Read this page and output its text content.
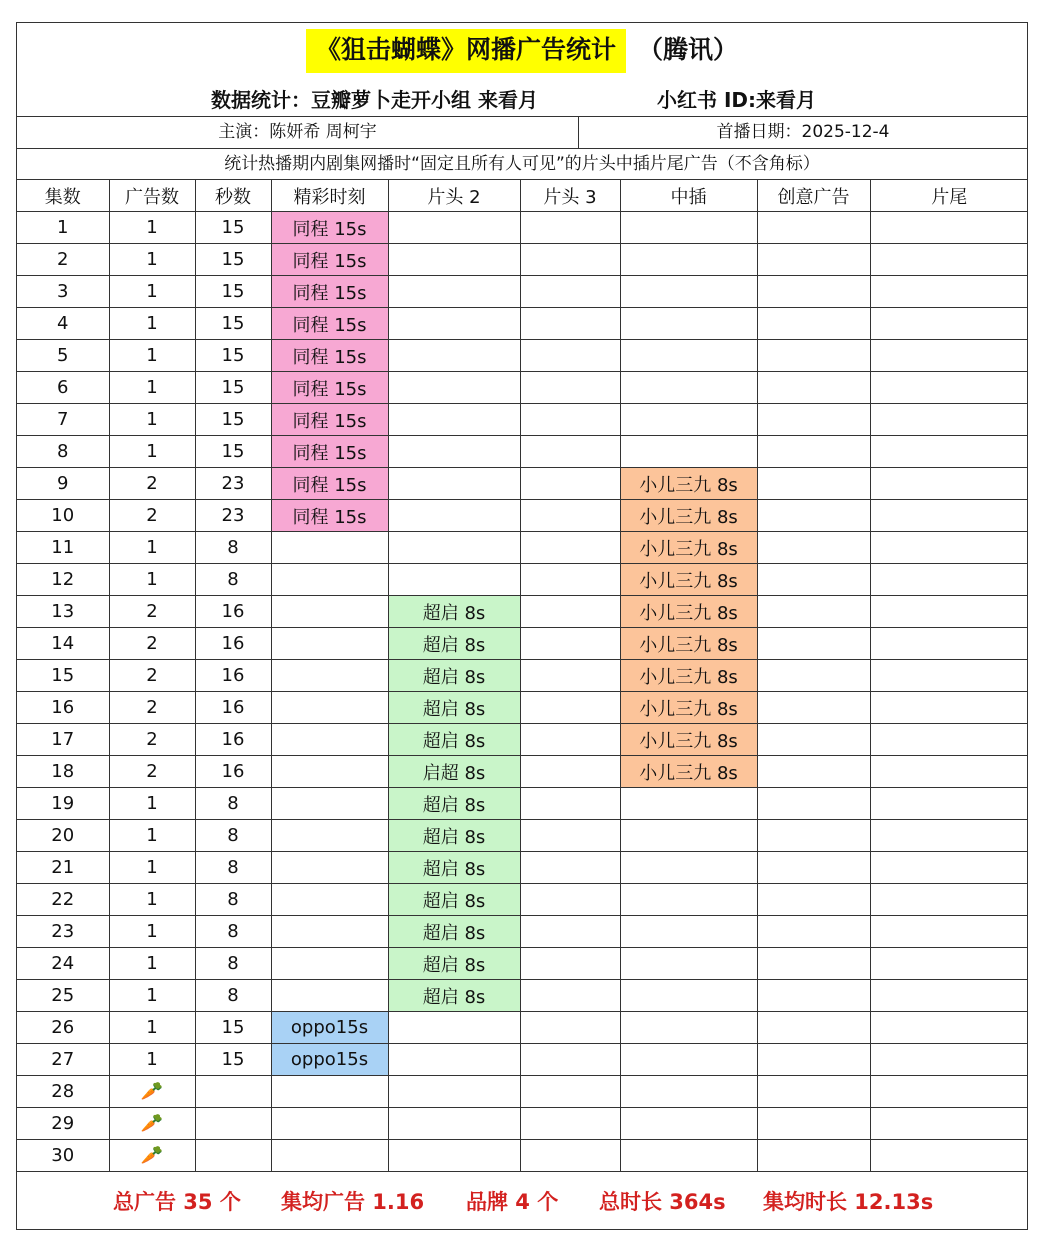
《狙击蝴蝶》网播广告统计 （腾讯）
数据统计：豆瓣萝卜走开小组 来看月	小红书 ID:来看月
主演：陈妍希 周柯宇	首播日期：2025-12-4
统计热播期内剧集网播时“固定且所有人可见”的片头中插片尾广告（不含角标）
集数	广告数	秒数	精彩时刻	片头 2	片头 3	中插	创意广告	片尾
1	1	15	同程 15s					
2	1	15	同程 15s					
3	1	15	同程 15s					
4	1	15	同程 15s					
5	1	15	同程 15s					
6	1	15	同程 15s					
7	1	15	同程 15s					
8	1	15	同程 15s					
9	2	23	同程 15s			小儿三九 8s		
10	2	23	同程 15s			小儿三九 8s		
11	1	8				小儿三九 8s		
12	1	8				小儿三九 8s		
13	2	16		超启 8s		小儿三九 8s		
14	2	16		超启 8s		小儿三九 8s		
15	2	16		超启 8s		小儿三九 8s		
16	2	16		超启 8s		小儿三九 8s		
17	2	16		超启 8s		小儿三九 8s		
18	2	16		启超 8s		小儿三九 8s		
19	1	8		超启 8s				
20	1	8		超启 8s				
21	1	8		超启 8s				
22	1	8		超启 8s				
23	1	8		超启 8s				
24	1	8		超启 8s				
25	1	8		超启 8s				
26	1	15	oppo15s					
27	1	15	oppo15s					
28	🥕							
29	🥕							
30	🥕							
总广告 35 个 集均广告 1.16 品牌 4 个 总时长 364s 集均时长 12.13s
